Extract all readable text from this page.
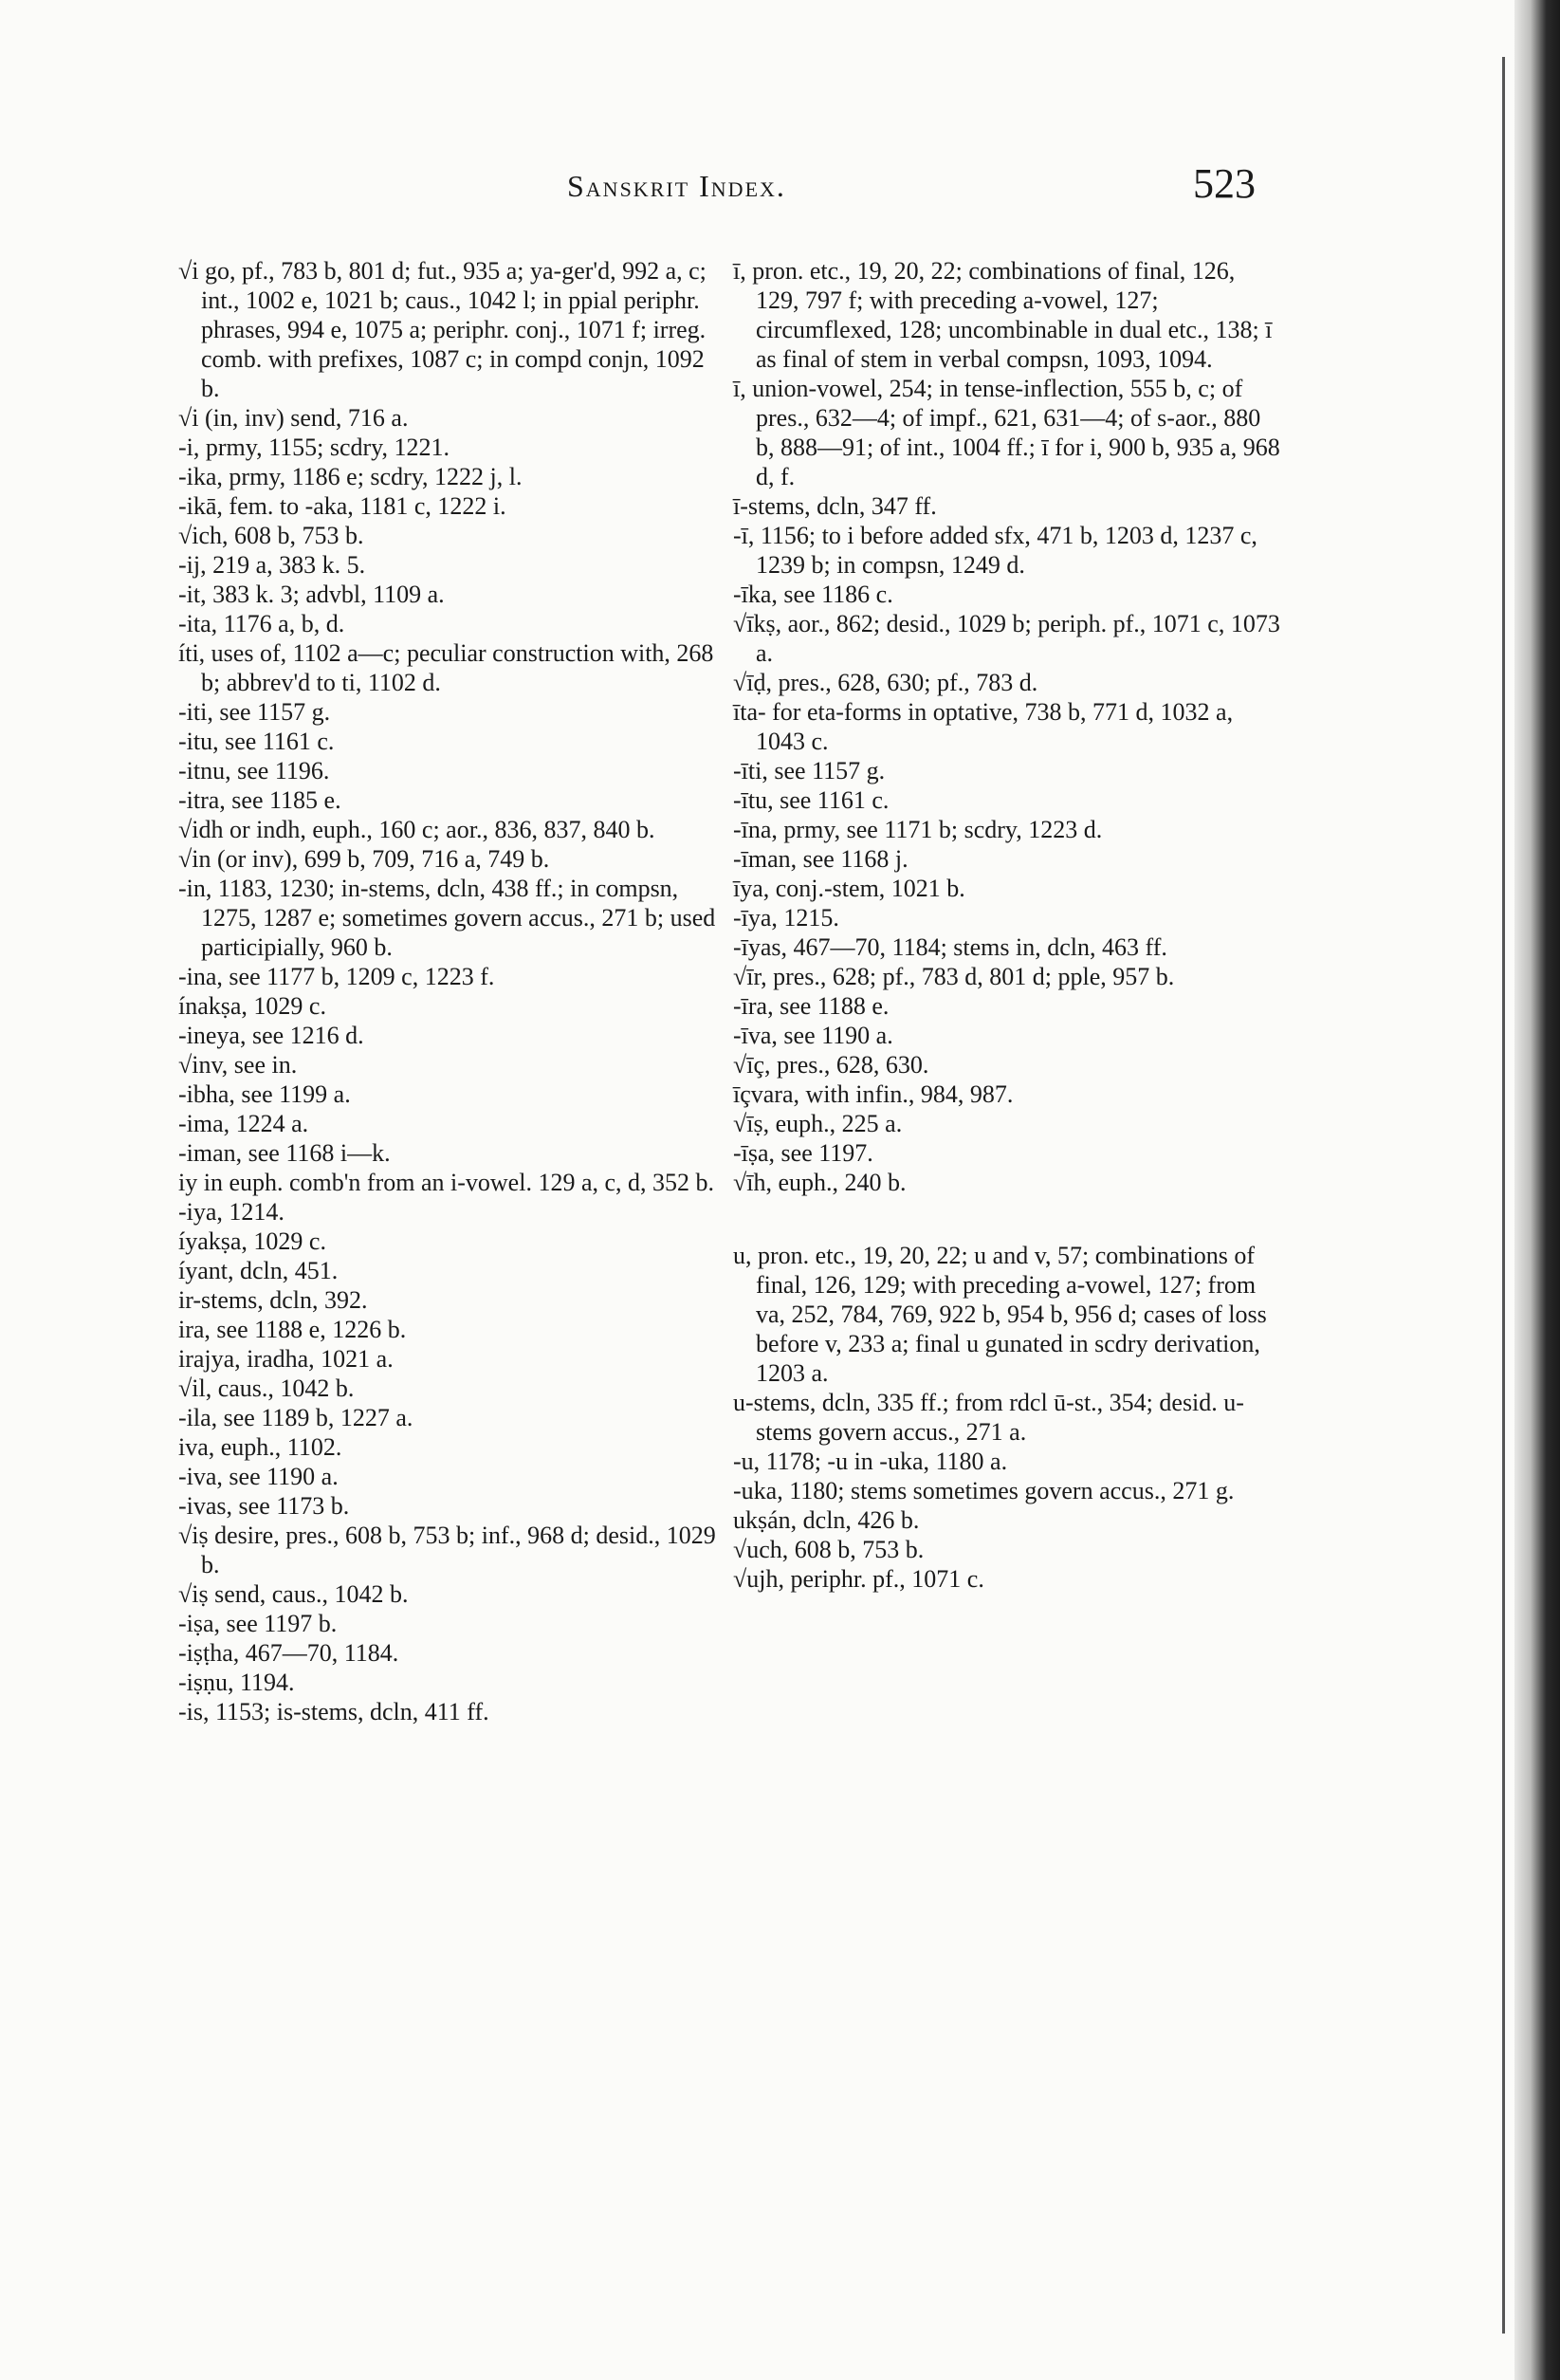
Sanskrit Index.	523

√i go, pf., 783 b, 801 d; fut., 935 a; ya-ger'd, 992 a, c; int., 1002 e, 1021 b; caus., 1042 l; in ppial periphr. phrases, 994 e, 1075 a; periphr. conj., 1071 f; irreg. comb. with prefixes, 1087 c; in compd conjn, 1092 b.

√i (in, inv) send, 716 a.

-i, prmy, 1155; scdry, 1221.

-ika, prmy, 1186 e; scdry, 1222 j, l.

-ikā, fem. to -aka, 1181 c, 1222 i.

√ich, 608 b, 753 b.

-ij, 219 a, 383 k. 5.

-it, 383 k. 3; advbl, 1109 a.

-ita, 1176 a, b, d.

íti, uses of, 1102 a—c; peculiar construction with, 268 b; abbrev'd to ti, 1102 d.

-iti, see 1157 g.

-itu, see 1161 c.

-itnu, see 1196.

-itra, see 1185 e.

√idh or indh, euph., 160 c; aor., 836, 837, 840 b.

√in (or inv), 699 b, 709, 716 a, 749 b.

-in, 1183, 1230; in-stems, dcln, 438 ff.; in compsn, 1275, 1287 e; sometimes govern accus., 271 b; used participially, 960 b.

-ina, see 1177 b, 1209 c, 1223 f.

ínakṣa, 1029 c.

-ineya, see 1216 d.

√inv, see in.

-ibha, see 1199 a.

-ima, 1224 a.

-iman, see 1168 i—k.

iy in euph. comb'n from an i-vowel. 129 a, c, d, 352 b.

-iya, 1214.

íyakṣa, 1029 c.

íyant, dcln, 451.

ir-stems, dcln, 392.

ira, see 1188 e, 1226 b.

irajya, iradha, 1021 a.

√il, caus., 1042 b.

-ila, see 1189 b, 1227 a.

iva, euph., 1102.

-iva, see 1190 a.

-ivas, see 1173 b.

√iṣ desire, pres., 608 b, 753 b; inf., 968 d; desid., 1029 b.

√iṣ send, caus., 1042 b.

-iṣa, see 1197 b.

-iṣṭha, 467—70, 1184.

-iṣṇu, 1194.

-is, 1153; is-stems, dcln, 411 ff.

ī, pron. etc., 19, 20, 22; combinations of final, 126, 129, 797 f; with preceding a-vowel, 127; circumflexed, 128; uncombinable in dual etc., 138; ī as final of stem in verbal compsn, 1093, 1094.

ī, union-vowel, 254; in tense-inflection, 555 b, c; of pres., 632—4; of impf., 621, 631—4; of s-aor., 880 b, 888—91; of int., 1004 ff.; ī for i, 900 b, 935 a, 968 d, f.

ī-stems, dcln, 347 ff.

-ī, 1156; to i before added sfx, 471 b, 1203 d, 1237 c, 1239 b; in compsn, 1249 d.

-īka, see 1186 c.

√īkṣ, aor., 862; desid., 1029 b; periph. pf., 1071 c, 1073 a.

√īḍ, pres., 628, 630; pf., 783 d.

īta- for eta-forms in optative, 738 b, 771 d, 1032 a, 1043 c.

-īti, see 1157 g.

-ītu, see 1161 c.

-īna, prmy, see 1171 b; scdry, 1223 d.

-īman, see 1168 j.

īya, conj.-stem, 1021 b.

-īya, 1215.

-īyas, 467—70, 1184; stems in, dcln, 463 ff.

√īr, pres., 628; pf., 783 d, 801 d; pple, 957 b.

-īra, see 1188 e.

-īva, see 1190 a.

√īç, pres., 628, 630.

īçvara, with infin., 984, 987.

√īṣ, euph., 225 a.

-īṣa, see 1197.

√īh, euph., 240 b.

u, pron. etc., 19, 20, 22; u and v, 57; combinations of final, 126, 129; with preceding a-vowel, 127; from va, 252, 784, 769, 922 b, 954 b, 956 d; cases of loss before v, 233 a; final u gunated in scdry derivation, 1203 a.

u-stems, dcln, 335 ff.; from rdcl ū-st., 354; desid. u-stems govern accus., 271 a.

-u, 1178; -u in -uka, 1180 a.

-uka, 1180; stems sometimes govern accus., 271 g.

ukṣán, dcln, 426 b.

√uch, 608 b, 753 b.

√ujh, periphr. pf., 1071 c.
